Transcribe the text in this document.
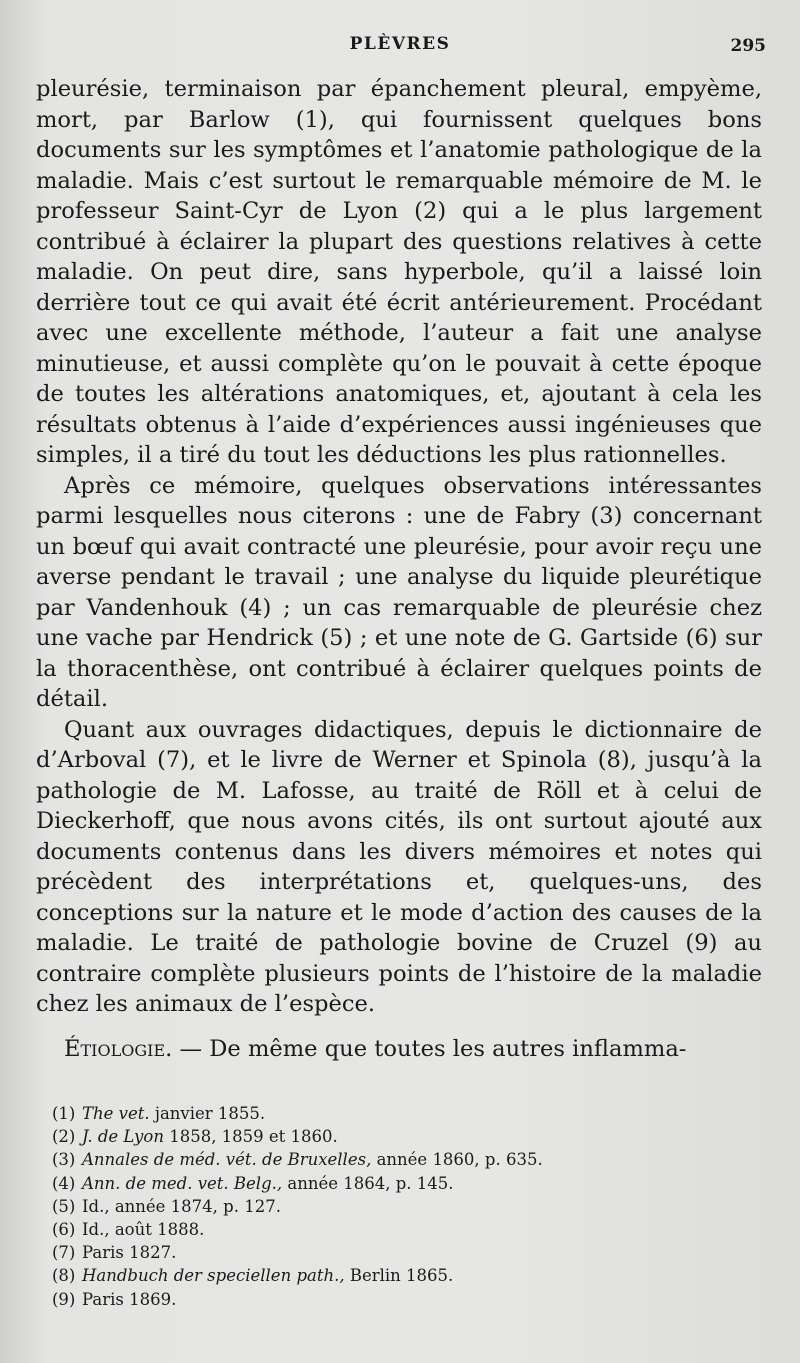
PLÈVRES	295

pleurésie, terminaison par épanchement pleural, empyème, mort, par Barlow (1), qui fournissent quelques bons documents sur les symptômes et l’anatomie pathologique de la maladie. Mais c’est surtout le remarquable mémoire de M. le professeur Saint-Cyr de Lyon (2) qui a le plus largement contribué à éclairer la plupart des questions relatives à cette maladie. On peut dire, sans hyperbole, qu’il a laissé loin derrière tout ce qui avait été écrit antérieurement. Procédant avec une excellente méthode, l’auteur a fait une analyse minutieuse, et aussi complète qu’on le pouvait à cette époque de toutes les altérations anatomiques, et, ajoutant à cela les résultats obtenus à l’aide d’expériences aussi ingénieuses que simples, il a tiré du tout les déductions les plus rationnelles.

Après ce mémoire, quelques observations intéressantes parmi lesquelles nous citerons : une de Fabry (3) concernant un bœuf qui avait contracté une pleurésie, pour avoir reçu une averse pendant le travail ; une analyse du liquide pleurétique par Vandenhouk (4) ; un cas remarquable de pleurésie chez une vache par Hendrick (5) ; et une note de G. Gartside (6) sur la thoracenthèse, ont contribué à éclairer quelques points de détail.

Quant aux ouvrages didactiques, depuis le dictionnaire de d’Arboval (7), et le livre de Werner et Spinola (8), jusqu’à la pathologie de M. Lafosse, au traité de Röll et à celui de Dieckerhoff, que nous avons cités, ils ont surtout ajouté aux documents contenus dans les divers mémoires et notes qui précèdent des interprétations et, quelques-uns, des conceptions sur la nature et le mode d’action des causes de la maladie. Le traité de pathologie bovine de Cruzel (9) au contraire complète plusieurs points de l’histoire de la maladie chez les animaux de l’espèce.

Étiologie. — De même que toutes les autres inflamma-

(1) The vet. janvier 1855.
(2) J. de Lyon 1858, 1859 et 1860.
(3) Annales de méd. vét. de Bruxelles, année 1860, p. 635.
(4) Ann. de med. vet. Belg., année 1864, p. 145.
(5) Id., année 1874, p. 127.
(6) Id., août 1888.
(7) Paris 1827.
(8) Handbuch der speciellen path., Berlin 1865.
(9) Paris 1869.
